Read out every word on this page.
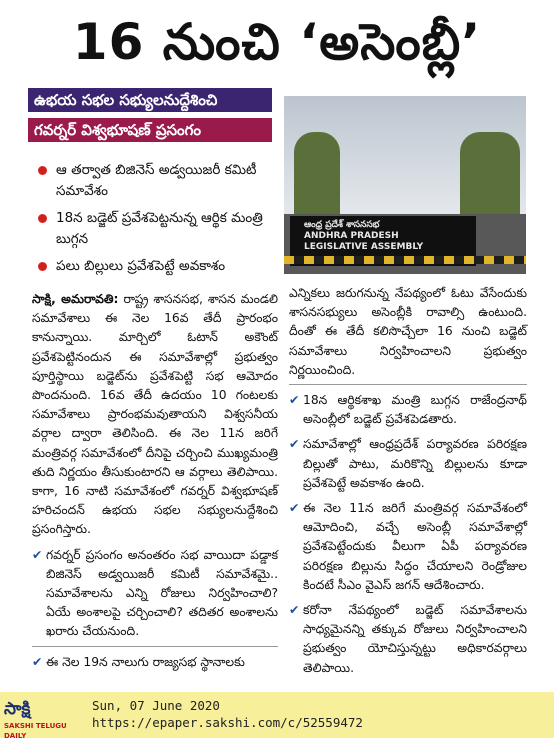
16 నుంచి ‘అసెంబ్లీ’
ఉభయ సభల సభ్యులనుద్దేశించి
గవర్నర్ విశ్వభూషణ్ ప్రసంగం
ఆ తర్వాత బిజినెస్ అడ్వయిజరీ కమిటీ సమావేశం
18న బడ్జెట్ ప్రవేశపెట్టనున్న ఆర్థిక మంత్రి బుగ్గన
పలు బిల్లులు ప్రవేశపెట్టే అవకాశం
ఆంధ్ర ప్రదేశ్ శాసనసభ
ANDHRA PRADESH
LEGISLATIVE ASSEMBLY

సాక్షి, అమరావతి: రాష్ట్ర శాసనసభ, శాసన మండలి సమావేశాలు ఈ నెల 16వ తేదీ ప్రారంభం కానున్నాయి. మార్చిలో ఓటాన్ అకౌంట్ ప్రవేశపెట్టినందున ఈ సమావేశాల్లో ప్రభుత్వం పూర్తిస్థాయి బడ్జెట్‌ను ప్రవేశపెట్టి సభ ఆమోదం పొందనుంది. 16వ తేదీ ఉదయం 10 గంటలకు సమావేశాలు ప్రారంభమవుతాయని విశ్వసనీయ వర్గాల ద్వారా తెలిసింది. ఈ నెల 11న జరిగే మంత్రివర్గ సమావేశంలో దీనిపై చర్చించి ముఖ్యమంత్రి తుది నిర్ణయం తీసుకుంటారని ఆ వర్గాలు తెలిపాయి. కాగా, 16 నాటి సమావేశంలో గవర్నర్ విశ్వభూషణ్ హరిచందన్ ఉభయ సభల సభ్యులనుద్దేశించి ప్రసంగిస్తారు.

✔ గవర్నర్ ప్రసంగం అనంతరం సభ వాయిదా పడ్డాక బిజినెస్ అడ్వయిజరీ కమిటీ సమావేశమై.. సమావేశాలను ఎన్ని రోజులు నిర్వహించాలి? ఏయే అంశాలపై చర్చించాలి? తదితర అంశాలను ఖరారు చేయనుంది.
✔ ఈ నెల 19న నాలుగు రాజ్యసభ స్థానాలకు

ఎన్నికలు జరుగనున్న నేపథ్యంలో ఓటు వేసేందుకు శాసనసభ్యులు అసెంబ్లీకి రావాల్సి ఉంటుంది. దీంతో ఈ తేదీ కలిసొచ్చేలా 16 నుంచి బడ్జెట్ సమావేశాలు నిర్వహించాలని ప్రభుత్వం నిర్ణయించింది.

✔ 18న ఆర్థికశాఖ మంత్రి బుగ్గన రాజేంద్రనాథ్ అసెంబ్లీలో బడ్జెట్ ప్రవేశపెడతారు.
✔ సమావేశాల్లో ఆంధ్రప్రదేశ్ పర్యావరణ పరిరక్షణ బిల్లుతో పాటు, మరికొన్ని బిల్లులను కూడా ప్రవేశపెట్టే అవకాశం ఉంది.
✔ ఈ నెల 11న జరిగే మంత్రివర్గ సమావేశంలో ఆమోదించి, వచ్చే అసెంబ్లీ సమావేశాల్లో ప్రవేశపెట్టేందుకు వీలుగా ఏపీ పర్యావరణ పరిరక్షణ బిల్లును సిద్ధం చేయాలని రెండ్రోజుల కిందటే సీఎం వైఎస్ జగన్ ఆదేశించారు.
✔ కరోనా నేపథ్యంలో బడ్జెట్ సమావేశాలను సాధ్యమైనన్ని తక్కువ రోజులు నిర్వహించాలని ప్రభుత్వం యోచిస్తున్నట్టు అధికారవర్గాలు తెలిపాయి.
సాక్షి
SAKSHI TELUGU DAILY
Sun, 07 June 2020
https://epaper.sakshi.com/c/52559472
